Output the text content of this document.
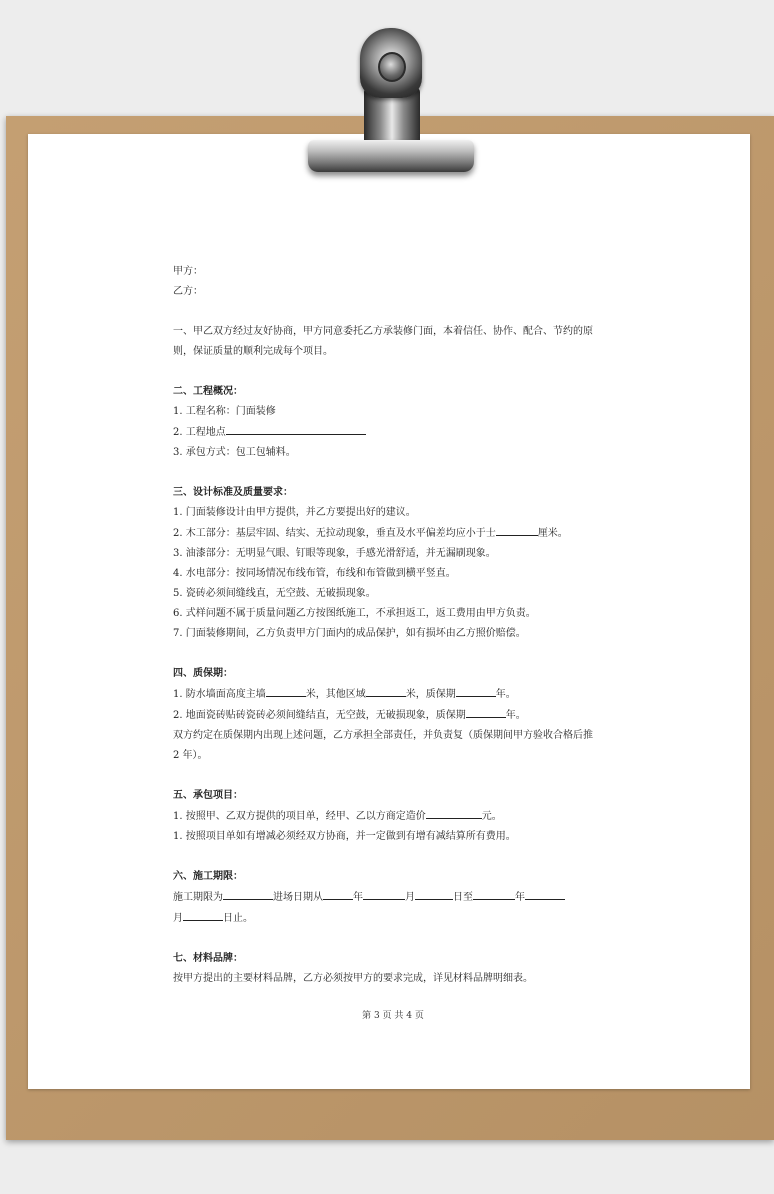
甲方：

乙方：

一、甲乙双方经过友好协商，甲方同意委托乙方承装修门面，本着信任、协作、配合、节约的原

则，保证质量的顺利完成每个项目。

二、工程概况：

1. 工程名称：门面装修

2. 工程地点

3. 承包方式：包工包辅料。

三、设计标准及质量要求：

1. 门面装修设计由甲方提供，并乙方要提出好的建议。

2. 木工部分：基层牢固、结实、无拉动现象，垂直及水平偏差均应小于士	厘米。

3. 油漆部分：无明显气眼、钉眼等现象，手感光滑舒适，并无漏刷现象。

4. 水电部分：按同场情况布线布管，布线和布管做到横平竖直。

5. 瓷砖必须间缝线直，无空鼓、无破损现象。

6. 式样问题不属于质量问题乙方按图纸施工，不承担返工，返工费用由甲方负责。

7. 门面装修期间，乙方负责甲方门面内的成品保护，如有损坏由乙方照价赔偿。

四、质保期：

1. 防水墙面高度主墙	米，其他区域	米，质保期	年。

2. 地面瓷砖贴砖瓷砖必须间缝结直，无空鼓，无破损现象，质保期	年。

双方约定在质保期内出现上述问题，乙方承担全部责任，并负责复（质保期间甲方验收合格后推

2 年）。

五、承包项目：

1. 按照甲、乙双方提供的项目单，经甲、乙以方商定造价	元。

1. 按照项目单如有增减必须经双方协商，并一定做到有增有减结算所有费用。

六、施工期限：

施工期限为	进场日期从	年	月	日至	年

月	日止。

七、材料品牌：

按甲方提出的主要材料品牌，乙方必须按甲方的要求完成，详见材料品牌明细表。

第 3 页 共 4 页
